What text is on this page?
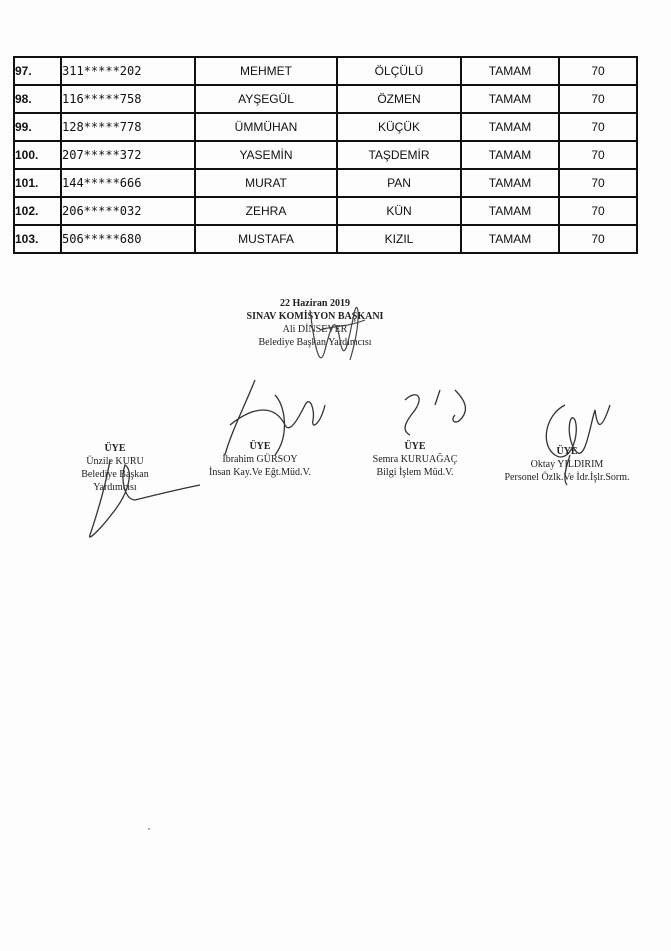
97.	311*****202	MEHMET	ÖLÇÜLÜ	TAMAM	70
98.	116*****758	AYŞEGÜL	ÖZMEN	TAMAM	70
99.	128*****778	ÜMMÜHAN	KÜÇÜK	TAMAM	70
100.	207*****372	YASEMİN	TAŞDEMİR	TAMAM	70
101.	144*****666	MURAT	PAN	TAMAM	70
102.	206*****032	ZEHRA	KÜN	TAMAM	70
103.	506*****680	MUSTAFA	KIZIL	TAMAM	70
22 Haziran 2019
SINAV KOMİSYON BAŞKANI
Ali DİNSEVER
Belediye Başkan Yardımcısı
ÜYE
Ünzile KURU
Belediye Başkan
Yardımcısı
ÜYE
İbrahim GÜRSOY
İnsan Kay.Ve Eğt.Müd.V.
ÜYE
Semra KURUAĞAÇ
Bilgi İşlem Müd.V.
ÜYE
Oktay YILDIRIM
Personel Özlk.Ve İdr.İşlr.Sorm.
